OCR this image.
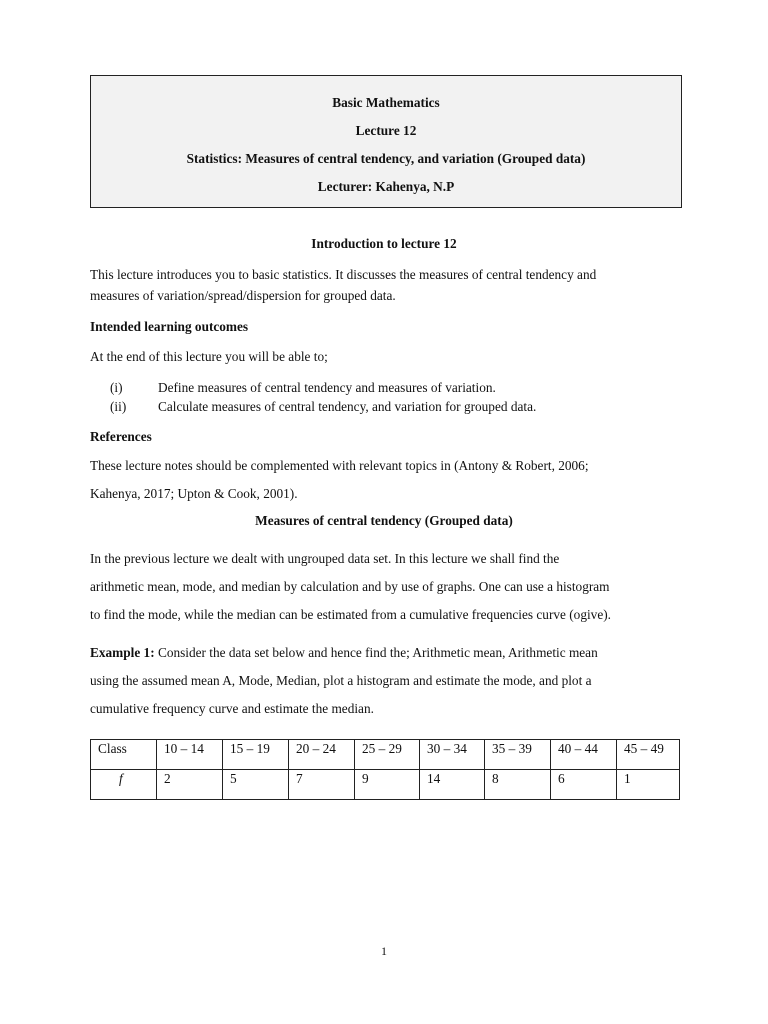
Basic Mathematics
Lecture 12
Statistics: Measures of central tendency, and variation (Grouped data)
Lecturer: Kahenya, N.P
Introduction to lecture 12
This lecture introduces you to basic statistics. It discusses the measures of central tendency and
measures of variation/spread/dispersion for grouped data.
Intended learning outcomes
At the end of this lecture you will be able to;
(i)	Define measures of central tendency and measures of variation.
(ii) Calculate measures of central tendency, and variation for grouped data.
References
These lecture notes should be complemented with relevant topics in (Antony & Robert, 2006;
Kahenya, 2017; Upton & Cook, 2001).
Measures of central tendency (Grouped data)
In the previous lecture we dealt with ungrouped data set. In this lecture we shall find the
arithmetic mean, mode, and median by calculation and by use of graphs. One can use a histogram
to find the mode, while the median can be estimated from a cumulative frequencies curve (ogive).
Example 1: Consider the data set below and hence find the; Arithmetic mean, Arithmetic mean
using the assumed mean A, Mode, Median, plot a histogram and estimate the mode, and plot a
cumulative frequency curve and estimate the median.
Class	10 – 14	15 – 19	20 – 24	25 – 29	30 – 34	35 – 39	40 – 44	45 – 49
f	2	5	7	9	14	8	6	1
1
